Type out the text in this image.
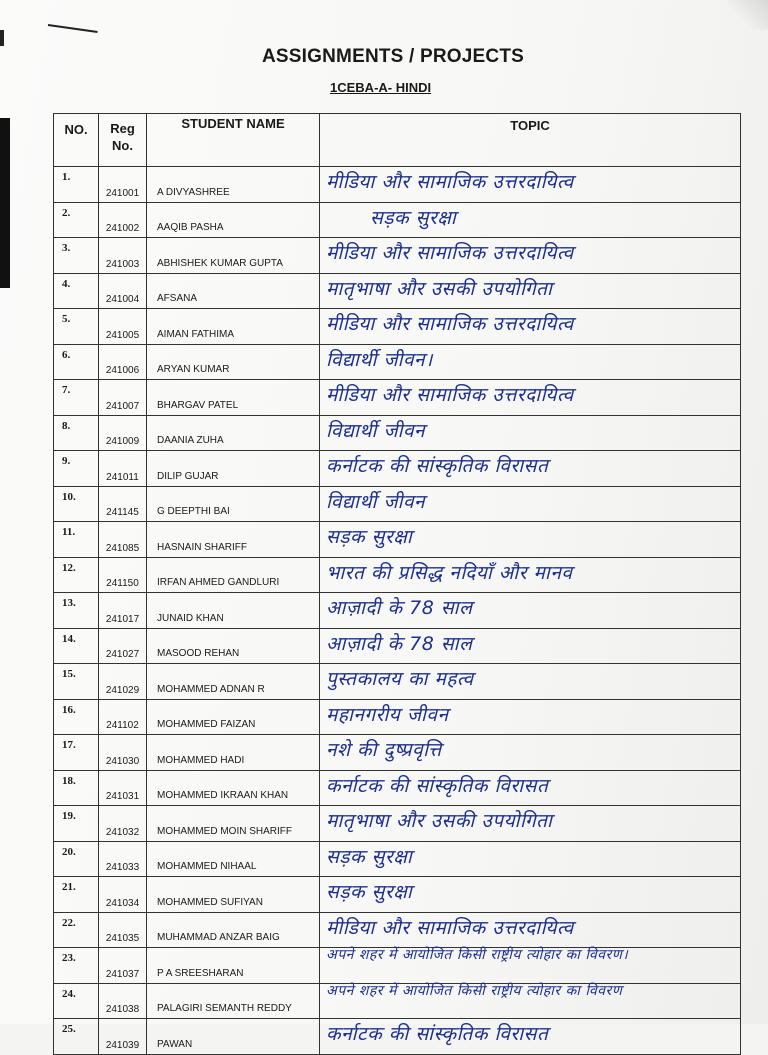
ASSIGNMENTS / PROJECTS

1CEBA-A- HINDI

NO.	Reg No.	STUDENT NAME	TOPIC
1.	241001	A DIVYASHREE	मीडिया और सामाजिक उत्तरदायित्व

2.	241002	AAQIB PASHA	सड़क सुरक्षा

3.	241003	ABHISHEK KUMAR GUPTA	मीडिया और सामाजिक उत्तरदायित्व

4.	241004	AFSANA	मातृभाषा और उसकी उपयोगिता

5.	241005	AIMAN FATHIMA	मीडिया और सामाजिक उत्तरदायित्व

6.	241006	ARYAN KUMAR	विद्यार्थी जीवन।

7.	241007	BHARGAV PATEL	मीडिया और सामाजिक उत्तरदायित्व

8.	241009	DAANIA ZUHA	विद्यार्थी जीवन

9.	241011	DILIP GUJAR	कर्नाटक की सांस्कृतिक विरासत

10.	241145	G DEEPTHI BAI	विद्यार्थी जीवन

11.	241085	HASNAIN SHARIFF	सड़क सुरक्षा

12.	241150	IRFAN AHMED GANDLURI	भारत की प्रसिद्ध नदियाँ और मानव

13.	241017	JUNAID KHAN	आज़ादी के 78 साल

14.	241027	MASOOD REHAN	आज़ादी के 78 साल

15.	241029	MOHAMMED ADNAN R	पुस्तकालय का महत्व

16.	241102	MOHAMMED FAIZAN	महानगरीय जीवन

17.	241030	MOHAMMED HADI	नशे की दुष्प्रवृत्ति

18.	241031	MOHAMMED IKRAAN KHAN	कर्नाटक की सांस्कृतिक विरासत

19.	241032	MOHAMMED MOIN SHARIFF	मातृभाषा और उसकी उपयोगिता

20.	241033	MOHAMMED NIHAAL	सड़क सुरक्षा

21.	241034	MOHAMMED SUFIYAN	सड़क सुरक्षा

22.	241035	MUHAMMAD ANZAR BAIG	मीडिया और सामाजिक उत्तरदायित्व

23.	241037	P A SREESHARAN	अपने शहर में आयोजित किसी राष्ट्रीय त्योहार का विवरण।

24.	241038	PALAGIRI SEMANTH REDDY	अपने शहर में आयोजित किसी राष्ट्रीय त्योहार का विवरण

25.	241039	PAWAN	कर्नाटक की सांस्कृतिक विरासत
